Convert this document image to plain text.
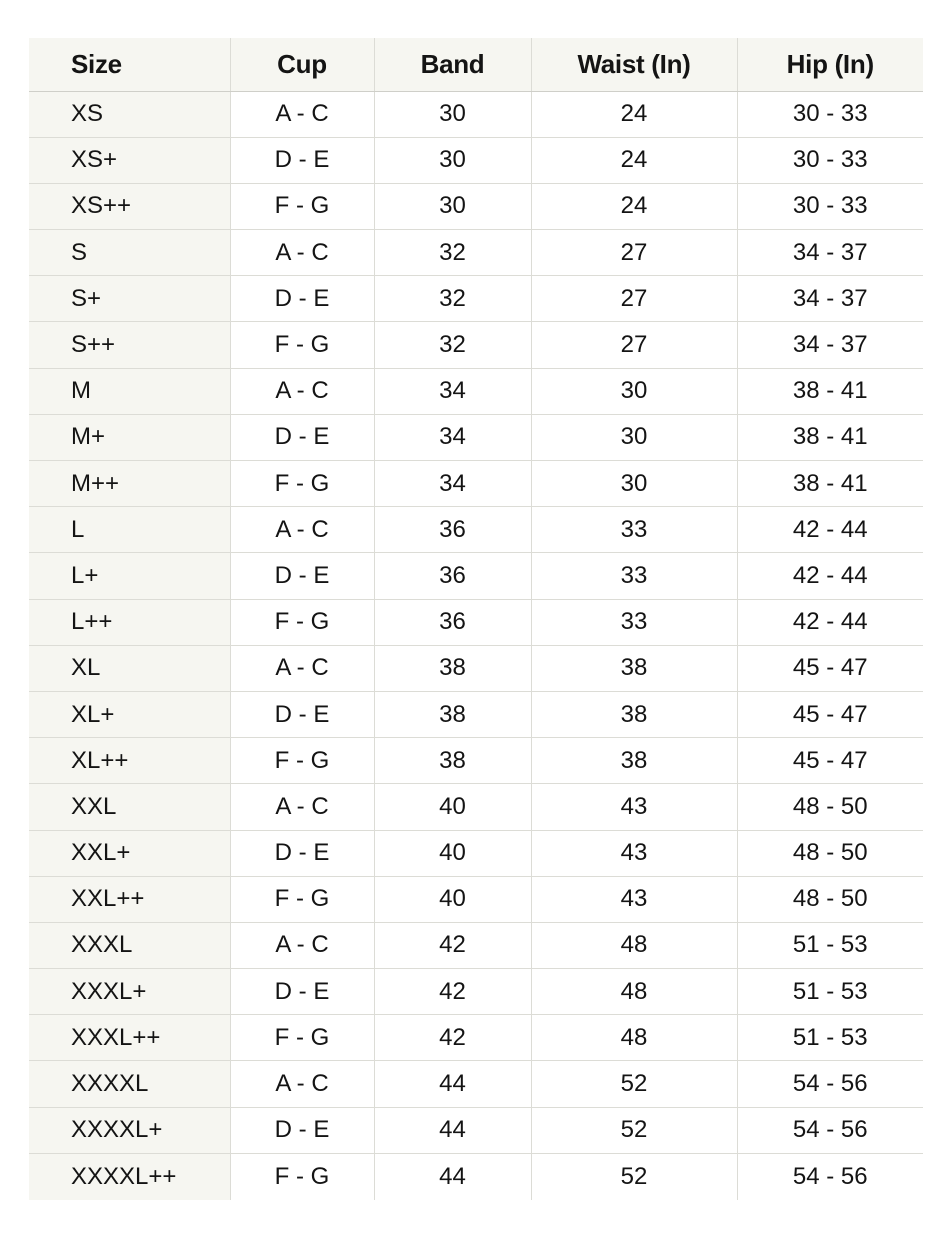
Size	Cup	Band	Waist (In)	Hip (In)
XS	A - C	30	24	30 - 33
XS+	D - E	30	24	30 - 33
XS++	F - G	30	24	30 - 33
S	A - C	32	27	34 - 37
S+	D - E	32	27	34 - 37
S++	F - G	32	27	34 - 37
M	A - C	34	30	38 - 41
M+	D - E	34	30	38 - 41
M++	F - G	34	30	38 - 41
L	A - C	36	33	42 - 44
L+	D - E	36	33	42 - 44
L++	F - G	36	33	42 - 44
XL	A - C	38	38	45 - 47
XL+	D - E	38	38	45 - 47
XL++	F - G	38	38	45 - 47
XXL	A - C	40	43	48 - 50
XXL+	D - E	40	43	48 - 50
XXL++	F - G	40	43	48 - 50
XXXL	A - C	42	48	51 - 53
XXXL+	D - E	42	48	51 - 53
XXXL++	F - G	42	48	51 - 53
XXXXL	A - C	44	52	54 - 56
XXXXL+	D - E	44	52	54 - 56
XXXXL++	F - G	44	52	54 - 56
